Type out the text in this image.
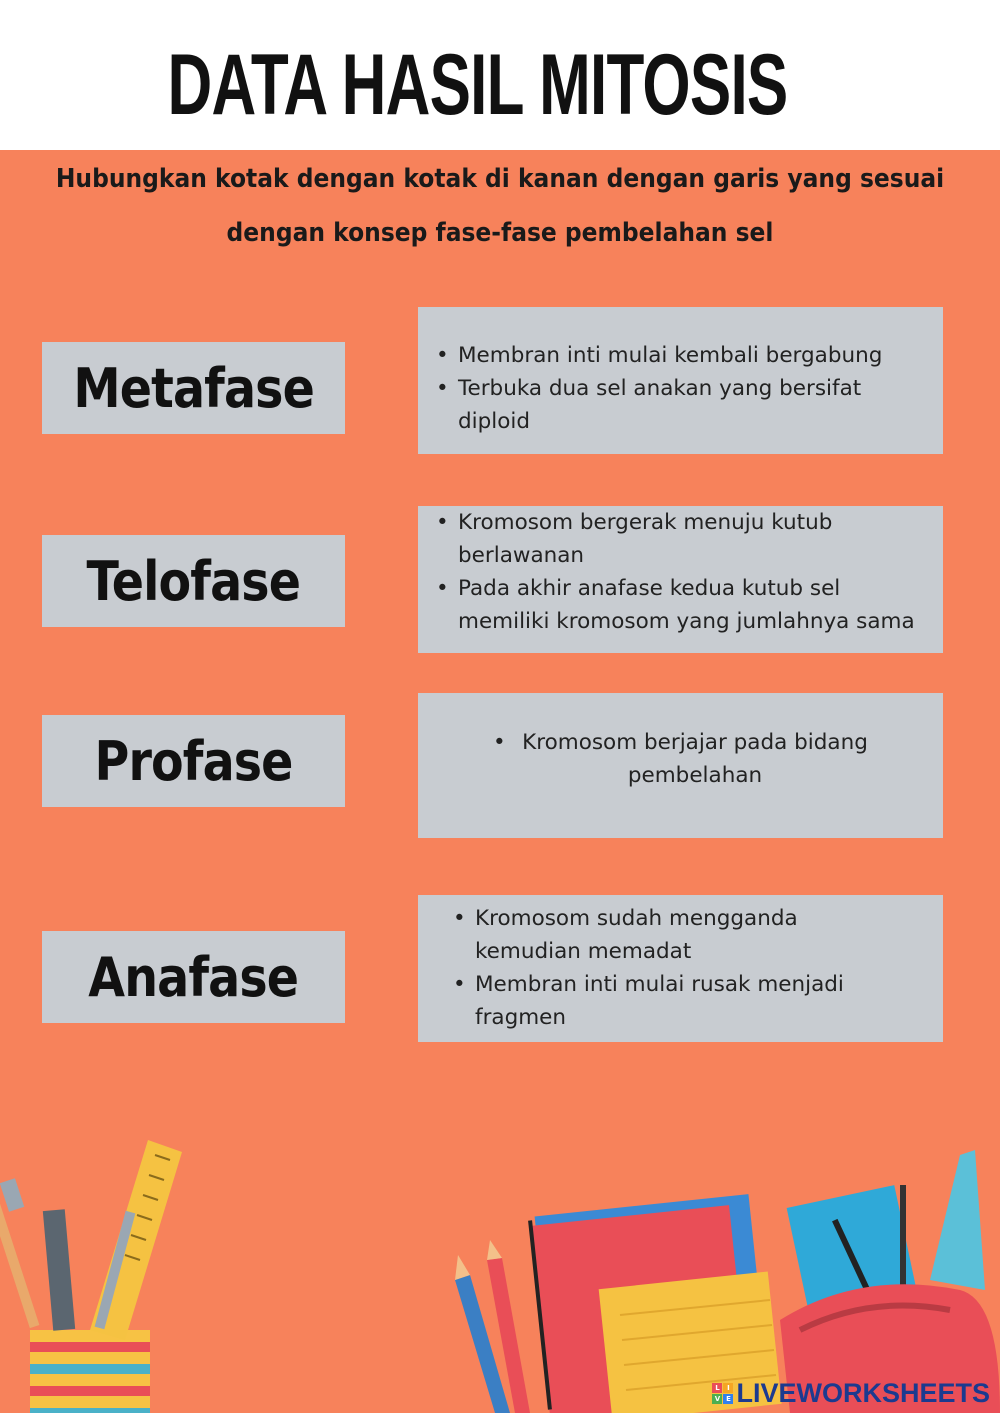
DATA HASIL MITOSIS
Hubungkan kotak dengan kotak di kanan dengan garis yang sesuai
dengan konsep fase-fase pembelahan sel
Metafase
Telofase
Profase
Anafase
• Membran inti mulai kembali bergabung
• Terbuka dua sel anakan yang bersifat diploid
• Kromosom bergerak menuju kutub berlawanan
• Pada akhir anafase kedua kutub sel memiliki kromosom yang jumlahnya sama
• Kromosom berjajar pada bidang pembelahan
• Kromosom sudah mengganda kemudian memadat
• Membran inti mulai rusak menjadi fragmen
L	I
V E LIVEWORKSHEETS
